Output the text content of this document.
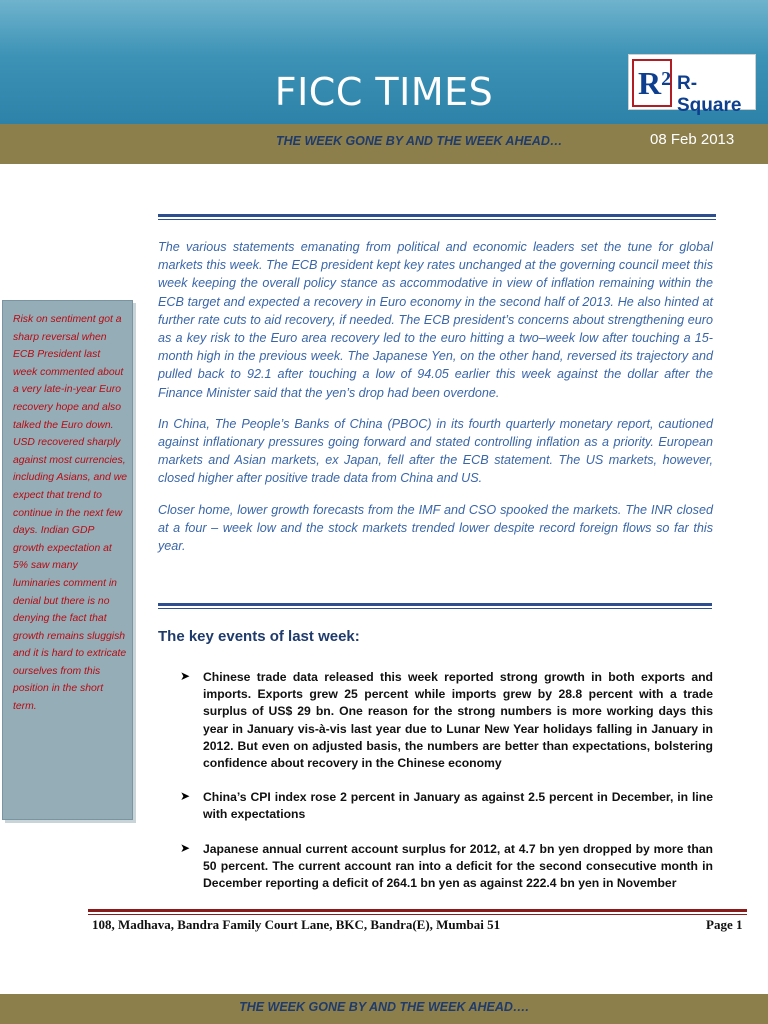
FICC TIMES	$R^2$ R-Square
THE WEEK GONE BY AND THE WEEK AHEAD…	08 Feb 2013

The various statements emanating from political and economic leaders set the tune for global markets this week. The ECB president kept key rates unchanged at the governing council meet this week keeping the overall policy stance as accommodative in view of inflation remaining within the ECB target and expected a recovery in Euro economy in the second half of 2013. He also hinted at further rate cuts to aid recovery, if needed. The ECB president’s concerns about strengthening euro as a key risk to the Euro area recovery led to the euro hitting a two–week low after touching a 15-month high in the previous week. The Japanese Yen, on the other hand, reversed its trajectory and pulled back to 92.1 after touching a low of 94.05 earlier this week against the dollar after the Finance Minister said that the yen’s drop had been overdone.

In China, The People’s Banks of China (PBOC) in its fourth quarterly monetary report, cautioned against inflationary pressures going forward and stated controlling inflation as a priority. European markets and Asian markets, ex Japan, fell after the ECB statement. The US markets, however, closed higher after positive trade data from China and US.

Closer home, lower growth forecasts from the IMF and CSO spooked the markets. The INR closed at a four – week low and the stock markets trended lower despite record foreign flows so far this year.

Risk on sentiment got a sharp reversal when ECB President last week commented about a very late-in-year Euro recovery hope and also talked the Euro down. USD recovered sharply against most currencies, including Asians, and we expect that trend to continue in the next few days. Indian GDP growth expectation at 5% saw many luminaries comment in denial but there is no denying the fact that growth remains sluggish and it is hard to extricate ourselves from this position in the short term.
The key events of last week:
➤ Chinese trade data released this week reported strong growth in both exports and imports. Exports grew 25 percent while imports grew by 28.8 percent with a trade surplus of US$ 29 bn. One reason for the strong numbers is more working days this year in January vis-à-vis last year due to Lunar New Year holidays falling in January in 2012. But even on adjusted basis, the numbers are better than expectations, bolstering confidence about recovery in the Chinese economy
➤ China’s CPI index rose 2 percent in January as against 2.5 percent in December, in line with expectations
➤ Japanese annual current account surplus for 2012, at 4.7 bn yen dropped by more than 50 percent. The current account ran into a deficit for the second consecutive month in December reporting a deficit of 264.1 bn yen as against 222.4 bn yen in November
108, Madhava, Bandra Family Court Lane, BKC, Bandra(E), Mumbai 51	Page 1
THE WEEK GONE BY AND THE WEEK AHEAD….
